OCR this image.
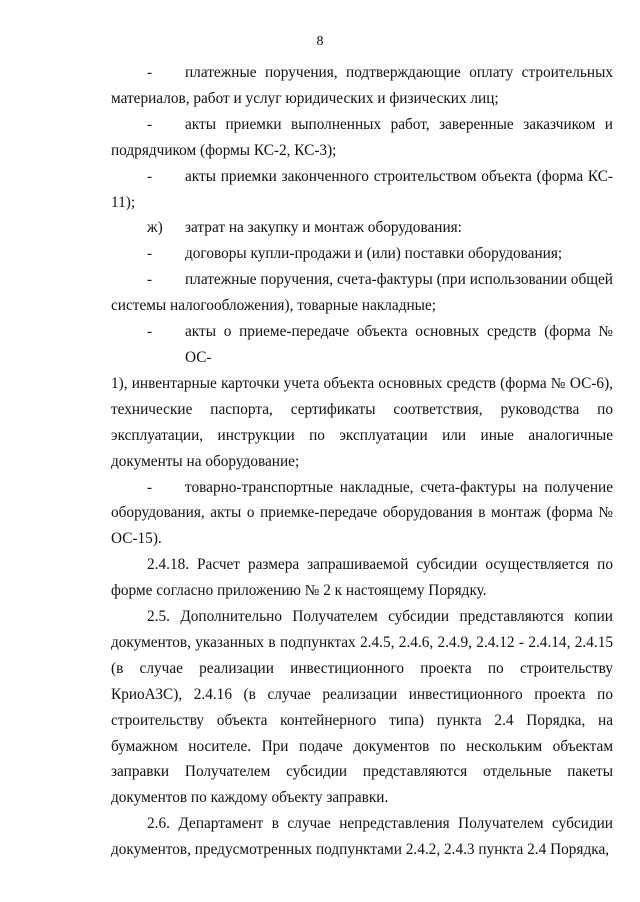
8
-	платежные поручения, подтверждающие оплату строительных
материалов, работ и услуг юридических и физических лиц;
-	акты приемки выполненных работ, заверенные заказчиком и
подрядчиком (формы КС-2, КС-3);
-	акты приемки законченного строительством объекта (форма КС-
11);
ж)	затрат на закупку и монтаж оборудования:
-	договоры купли-продажи и (или) поставки оборудования;
-	платежные поручения, счета-фактуры (при использовании общей
системы налогообложения), товарные накладные;
-	акты о приеме-передаче объекта основных средств (форма № ОС-
1), инвентарные карточки учета объекта основных средств (форма № ОС-6), технические паспорта, сертификаты соответствия, руководства по эксплуатации, инструкции по эксплуатации или иные аналогичные документы на оборудование;
-	товарно-транспортные накладные, счета-фактуры на получение
оборудования, акты о приемке-передаче оборудования в монтаж (форма № ОС-15).

2.4.18. Расчет размера запрашиваемой субсидии осуществляется по форме согласно приложению № 2 к настоящему Порядку.

2.5. Дополнительно Получателем субсидии представляются копии документов, указанных в подпунктах 2.4.5, 2.4.6, 2.4.9, 2.4.12 - 2.4.14, 2.4.15 (в случае реализации инвестиционного проекта по строительству КриоАЗС), 2.4.16 (в случае реализации инвестиционного проекта по строительству объекта контейнерного типа) пункта 2.4 Порядка, на бумажном носителе. При подаче документов по нескольким объектам заправки Получателем субсидии представляются отдельные пакеты документов по каждому объекту заправки.

2.6. Департамент в случае непредставления Получателем субсидии документов, предусмотренных подпунктами 2.4.2, 2.4.3 пункта 2.4 Порядка,
